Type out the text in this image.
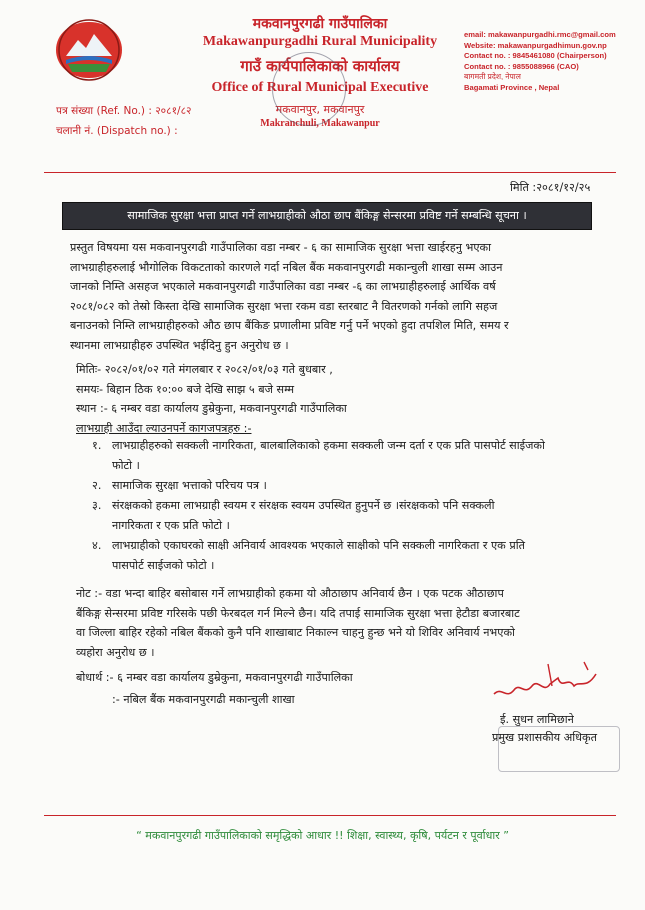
मकवानपुरगढी गाउँपालिका
Makawanpurgadhi Rural Municipality
गाउँ कार्यपालिकाको कार्यालय
Office of Rural Municipal Executive
मकवानपुर, मकवानपुर
Makranchuli, Makawanpur
email: makawanpurgadhi.rmc@gmail.com
Website: makawanpurgadhimun.gov.np
Contact no. : 9845461080 (Chairperson)
Contact no. : 9855088966 (CAO)
बागमती प्रदेश, नेपाल
Bagamati Province , Nepal
पत्र संख्या (Ref. No.) : २०८१/८२
चलानी नं. (Dispatch no.) :
मिति :२०८१/१२/२५
सामाजिक सुरक्षा भत्ता प्राप्त गर्ने लाभग्राहीको औठा छाप बैंकिङ्ग सेन्सरमा प्रविष्ट गर्ने सम्बन्धि सूचना ।
प्रस्तुत विषयमा यस मकवानपुरगढी गाउँपालिका वडा नम्बर - ६ का सामाजिक सुरक्षा भत्ता खाईरहनु भएका
लाभग्राहीहरुलाई भौगोलिक विकटताको कारणले गर्दा नबिल बैंक मकवानपुरगढी मकान्चुली शाखा सम्म आउन
जानको निम्ति असहज भएकाले मकवानपुरगढी गाउँपालिका वडा नम्बर -६ का लाभग्राहीहरुलाई आर्थिक वर्ष
२०८१/०८२ को तेस्रो किस्ता देखि सामाजिक सुरक्षा भत्ता रकम वडा स्तरबाट नै वितरणको गर्नको लागि सहज
बनाउनको निम्ति लाभग्राहीहरुको औठ छाप बैंकिङ प्रणालीमा प्रविष्ट गर्नु पर्ने भएको हुदा तपशिल मिति, समय र
स्थानमा लाभग्राहीहरु उपस्थित भईदिनु हुन अनुरोध छ ।
मितिः- २०८२/०१/०२ गते मंगलबार र २०८२/०१/०३ गते बुधबार ,
समयः- बिहान ठिक १०:०० बजे देखि साझ ५ बजे सम्म
स्थान :- ६ नम्बर वडा कार्यालय डुम्रेकुना, मकवानपुरगढी गाउँपालिका
लाभग्राही आउँदा ल्याउनपर्ने कागजपत्रहरु :-
१. लाभग्राहीहरुको सक्कली नागरिकता, बालबालिकाको हकमा सक्कली जन्म दर्ता र एक प्रति पासपोर्ट साईजको
फोटो ।
२. सामाजिक सुरक्षा भत्ताको परिचय पत्र ।
३. संरक्षकको हकमा लाभग्राही स्वयम र संरक्षक स्वयम उपस्थित हुनुपर्ने छ ।संरक्षकको पनि सक्कली
नागरिकता र एक प्रति फोटो ।
४. लाभग्राहीको एकाघरको साक्षी अनिवार्य आवश्यक भएकाले साक्षीको पनि सक्कली नागरिकता र एक प्रति
पासपोर्ट साईजको फोटो ।
नोट :- वडा भन्दा बाहिर बसोबास गर्ने लाभग्राहीको हकमा यो औठाछाप अनिवार्य छैन । एक पटक औठाछाप
बैंकिङ्ग सेन्सरमा प्रविष्ट गरिसके पछी फेरबदल गर्न मिल्ने छैन। यदि तपाई सामाजिक सुरक्षा भत्ता हेटौडा बजारबाट
वा जिल्ला बाहिर रहेको नबिल बैंकको कुनै पनि शाखाबाट निकाल्न चाहनु हुन्छ भने यो शिविर अनिवार्य नभएको
व्यहोरा अनुरोध छ ।
बोधार्थ :- ६ नम्बर वडा कार्यालय डुम्रेकुना, मकवानपुरगढी गाउँपालिका
:- नबिल बैंक मकवानपुरगढी मकान्चुली शाखा
ई. सुधन लामिछाने
प्रमुख प्रशासकीय अधिकृत
“ मकवानपुरगढी गाउँपालिकाको समृद्धिको आधार !! शिक्षा, स्वास्थ्य, कृषि, पर्यटन र पूर्वाधार ”
